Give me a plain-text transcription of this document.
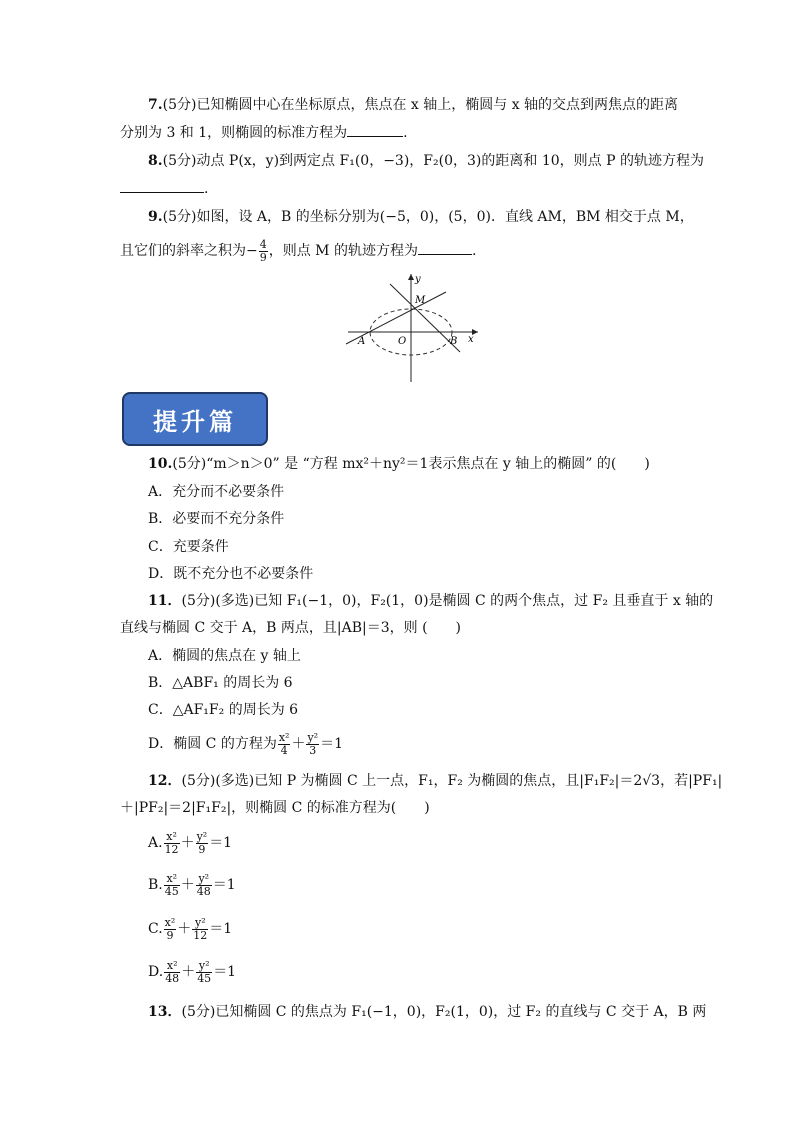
7.(5分)已知椭圆中心在坐标原点，焦点在 x 轴上，椭圆与 x 轴的交点到两焦点的距离
分别为 3 和 1，则椭圆的标准方程为	.
8.(5分)动点 P(x，y)到两定点 F₁(0，−3)，F₂(0，3)的距离和 10，则点 P 的轨迹方程为
.
9.(5分)如图，设 A，B 的坐标分别为(−5，0)，(5，0)．直线 AM，BM 相交于点 M，
且它们的斜率之积为− $\frac{4}{9}$ ，则点 M 的轨迹方程为	.
y
x
M
O
A	B
提升篇
10.(5分)“m＞n＞0” 是 “方程 mx²＋ny²＝1表示焦点在 y 轴上的椭圆” 的(　　)
A．充分而不必要条件
B．必要而不充分条件
C．充要条件
D．既不充分也不必要条件
11．(5分)(多选)已知 F₁(−1，0)，F₂(1，0)是椭圆 C 的两个焦点，过 F₂ 且垂直于 x 轴的
直线与椭圆 C 交于 A，B 两点，且|AB|＝3，则 (　　)
A．椭圆的焦点在 y 轴上
B．△ABF₁ 的周长为 6
C．△AF₁F₂ 的周长为 6
D．椭圆 C 的方程为 $\frac{\text{x²}}{4} + \frac{\text{y²}}{3} =1$
12．(5分)(多选)已知 P 为椭圆 C 上一点，F₁，F₂ 为椭圆的焦点，且|F₁F₂|＝2√3，若|PF₁|
＋|PF₂|＝2|F₁F₂|，则椭圆 C 的标准方程为(　　)
A. $\frac{\text{x²}}{12} + \frac{\text{y²}}{9} =1$
B. $\frac{\text{x²}}{45} + \frac{\text{y²}}{48} =1$
C. $\frac{\text{x²}}{9} + \frac{\text{y²}}{12} =1$
D. $\frac{\text{x²}}{48} + \frac{\text{y²}}{45} =1$
13．(5分)已知椭圆 C 的焦点为 F₁(−1，0)，F₂(1，0)，过 F₂ 的直线与 C 交于 A，B 两
